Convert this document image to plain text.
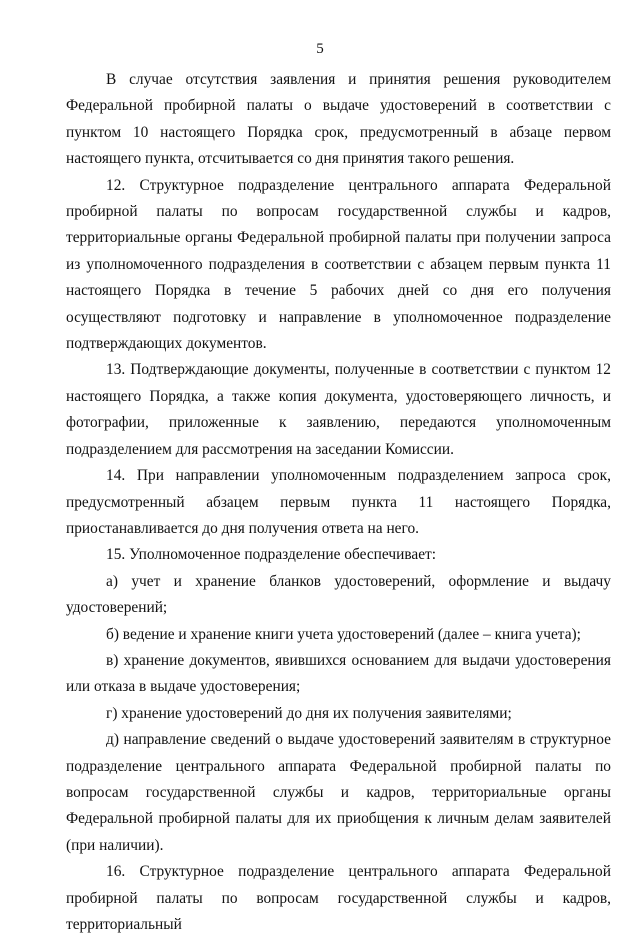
5

В случае отсутствия заявления и принятия решения руководителем Федеральной пробирной палаты о выдаче удостоверений в соответствии с пунктом 10 настоящего Порядка срок, предусмотренный в абзаце первом настоящего пункта, отсчитывается со дня принятия такого решения.

12. Структурное подразделение центрального аппарата Федеральной пробирной палаты по вопросам государственной службы и кадров, территориальные органы Федеральной пробирной палаты при получении запроса из уполномоченного подразделения в соответствии с абзацем первым пункта 11 настоящего Порядка в течение 5 рабочих дней со дня его получения осуществляют подготовку и направление в уполномоченное подразделение подтверждающих документов.

13. Подтверждающие документы, полученные в соответствии с пунктом 12 настоящего Порядка, а также копия документа, удостоверяющего личность, и фотографии, приложенные к заявлению, передаются уполномоченным подразделением для рассмотрения на заседании Комиссии.

14. При направлении уполномоченным подразделением запроса срок, предусмотренный абзацем первым пункта 11 настоящего Порядка, приостанавливается до дня получения ответа на него.

15. Уполномоченное подразделение обеспечивает:

а) учет и хранение бланков удостоверений, оформление и выдачу удостоверений;

б) ведение и хранение книги учета удостоверений (далее – книга учета);

в) хранение документов, явившихся основанием для выдачи удостоверения или отказа в выдаче удостоверения;

г) хранение удостоверений до дня их получения заявителями;

д) направление сведений о выдаче удостоверений заявителям в структурное подразделение центрального аппарата Федеральной пробирной палаты по вопросам государственной службы и кадров, территориальные органы Федеральной пробирной палаты для их приобщения к личным делам заявителей (при наличии).

16. Структурное подразделение центрального аппарата Федеральной пробирной палаты по вопросам государственной службы и кадров, территориальный
